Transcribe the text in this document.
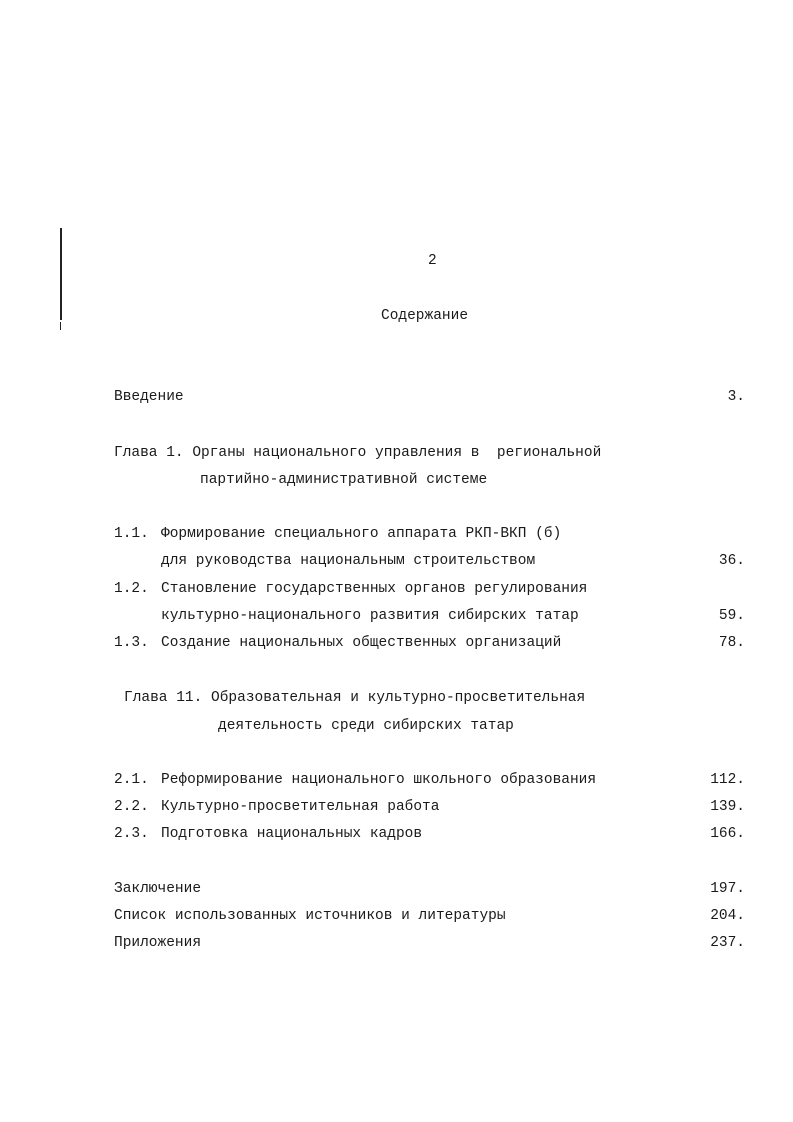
2
Содержание
Введение	3.
Глава 1. Органы национального управления в  региональной
партийно-административной системе
1.1. Формирование специального аппарата РКП-ВКП (б)
для руководства национальным строительством	36.
1.2. Становление государственных органов регулирования
культурно-национального развития сибирских татар	59.
1.3. Создание национальных общественных организаций	78.
Глава 11. Образовательная и культурно-просветительная
деятельность среди сибирских татар
2.1. Реформирование национального школьного образования	112.
2.2. Культурно-просветительная работа	139.
2.3. Подготовка национальных кадров	166.
Заключение	197.
Список использованных источников и литературы	204.
Приложения	237.
